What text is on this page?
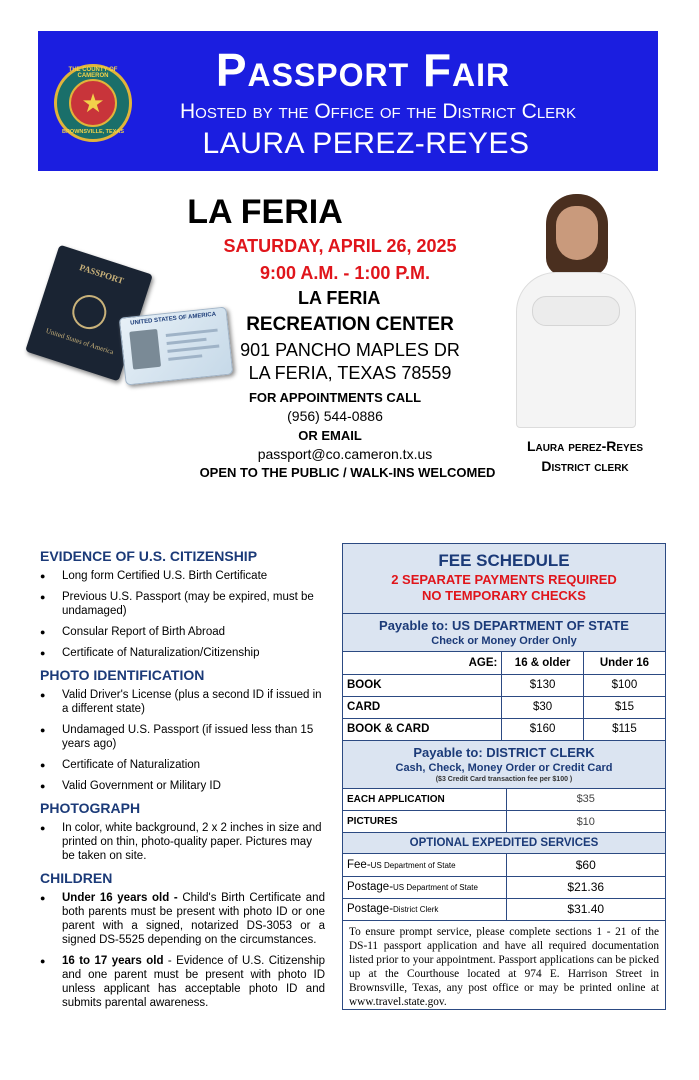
THE COUNTY OF CAMERON
★
BROWNSVILLE, TEXAS
Passport Fair
Hosted by the Office of the District Clerk
LAURA PEREZ-REYES
PASSPORT
United States of America
UNITED STATES OF AMERICA
LA FERIA
SATURDAY, APRIL 26, 2025
9:00 A.M. - 1:00 P.M.
LA FERIA
RECREATION CENTER
901 PANCHO MAPLES DR
LA FERIA, TEXAS 78559
FOR APPOINTMENTS CALL
(956) 544-0886
OR EMAIL
passport@co.cameron.tx.us
OPEN TO THE PUBLIC / WALK-INS WELCOMED
Laura perez-Reyes
District clerk
EVIDENCE OF U.S. CITIZENSHIP
● Long form Certified U.S. Birth Certificate
● Previous U.S. Passport (may be expired, must be undamaged)
● Consular Report of Birth Abroad
● Certificate of Naturalization/Citizenship
PHOTO IDENTIFICATION
● Valid Driver's License (plus a second ID if issued in a different state)
● Undamaged U.S. Passport (if issued less than 15 years ago)
● Certificate of Naturalization
● Valid Government or Military ID
PHOTOGRAPH
● In color, white background, 2 x 2 inches in size and printed on thin, photo-quality paper. Pictures may be taken on site.
CHILDREN
● Under 16 years old - Child's Birth Certificate and both parents must be present with photo ID or one parent with a signed, notarized DS-3053 or a signed DS-5525 depending on the circumstances.
● 16 to 17 years old - Evidence of U.S. Citizenship and one parent must be present with photo ID unless applicant has acceptable photo ID and submits parental awareness.
FEE SCHEDULE
2 SEPARATE PAYMENTS REQUIRED
NO TEMPORARY CHECKS
Payable to: US DEPARTMENT OF STATE
Check or Money Order Only
AGE:	16 & older	Under 16
BOOK	$130	$100
CARD	$30	$15
BOOK & CARD	$160	$115
Payable to: DISTRICT CLERK
Cash, Check, Money Order or Credit Card
($3 Credit Card transaction fee per $100 )
EACH APPLICATION	$35
PICTURES	$10
OPTIONAL EXPEDITED SERVICES
Fee-US Department of State	$60
Postage-US Department of State	$21.36
Postage-District Clerk	$31.40
To ensure prompt service, please complete sections 1 - 21 of the DS-11 passport application and have all required documentation listed prior to your appointment. Passport applications can be picked up at the Courthouse located at 974 E. Harrison Street in Brownsville, Texas, any post office or may be printed online at www.travel.state.gov.
